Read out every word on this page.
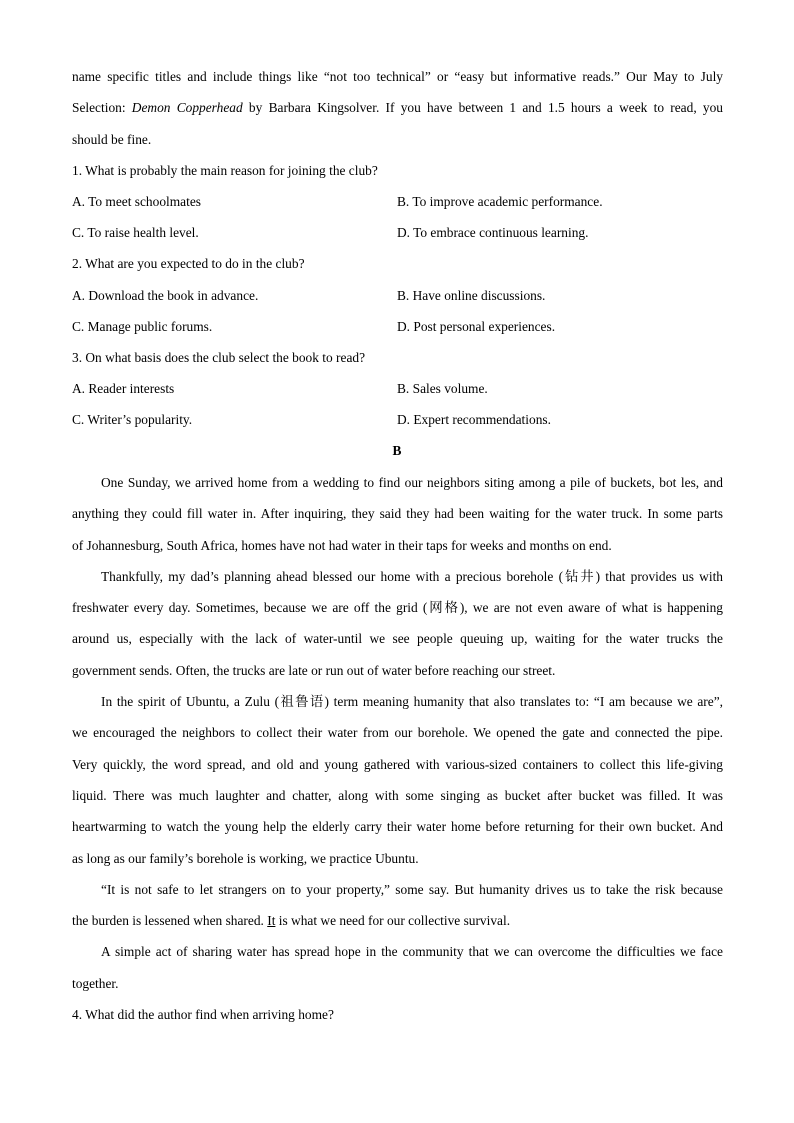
name specific titles and include things like “not too technical” or “easy but informative reads.” Our May to July
Selection: Demon Copperhead by Barbara Kingsolver. If you have between 1 and 1.5 hours a week to read, you
should be fine.
1. What is probably the main reason for joining the club?
A. To meet schoolmates	B. To improve academic performance.
C. To raise health level.	D. To embrace continuous learning.
2. What are you expected to do in the club?
A. Download the book in advance.	B. Have online discussions.
C. Manage public forums.	D. Post personal experiences.
3. On what basis does the club select the book to read?
A. Reader interests	B. Sales volume.
C. Writer’s popularity.	D. Expert recommendations.
B
One Sunday, we arrived home from a wedding to find our neighbors siting among a pile of buckets, bot les, and
anything they could fill water in. After inquiring, they said they had been waiting for the water truck. In some parts
of Johannesburg, South Africa, homes have not had water in their taps for weeks and months on end.
Thankfully, my dad’s planning ahead blessed our home with a precious borehole (钻井) that provides us with
freshwater every day. Sometimes, because we are off the grid (网格), we are not even aware of what is happening
around us, especially with the lack of water-until we see people queuing up, waiting for the water trucks the
government sends. Often, the trucks are late or run out of water before reaching our street.
In the spirit of Ubuntu, a Zulu (祖鲁语) term meaning humanity that also translates to: “I am because we are”,
we encouraged the neighbors to collect their water from our borehole. We opened the gate and connected the pipe.
Very quickly, the word spread, and old and young gathered with various-sized containers to collect this life-giving
liquid. There was much laughter and chatter, along with some singing as bucket after bucket was filled. It was
heartwarming to watch the young help the elderly carry their water home before returning for their own bucket. And
as long as our family’s borehole is working, we practice Ubuntu.
“It is not safe to let strangers on to your property,” some say. But humanity drives us to take the risk because
the burden is lessened when shared. It is what we need for our collective survival.
A simple act of sharing water has spread hope in the community that we can overcome the difficulties we face
together.
4. What did the author find when arriving home?
